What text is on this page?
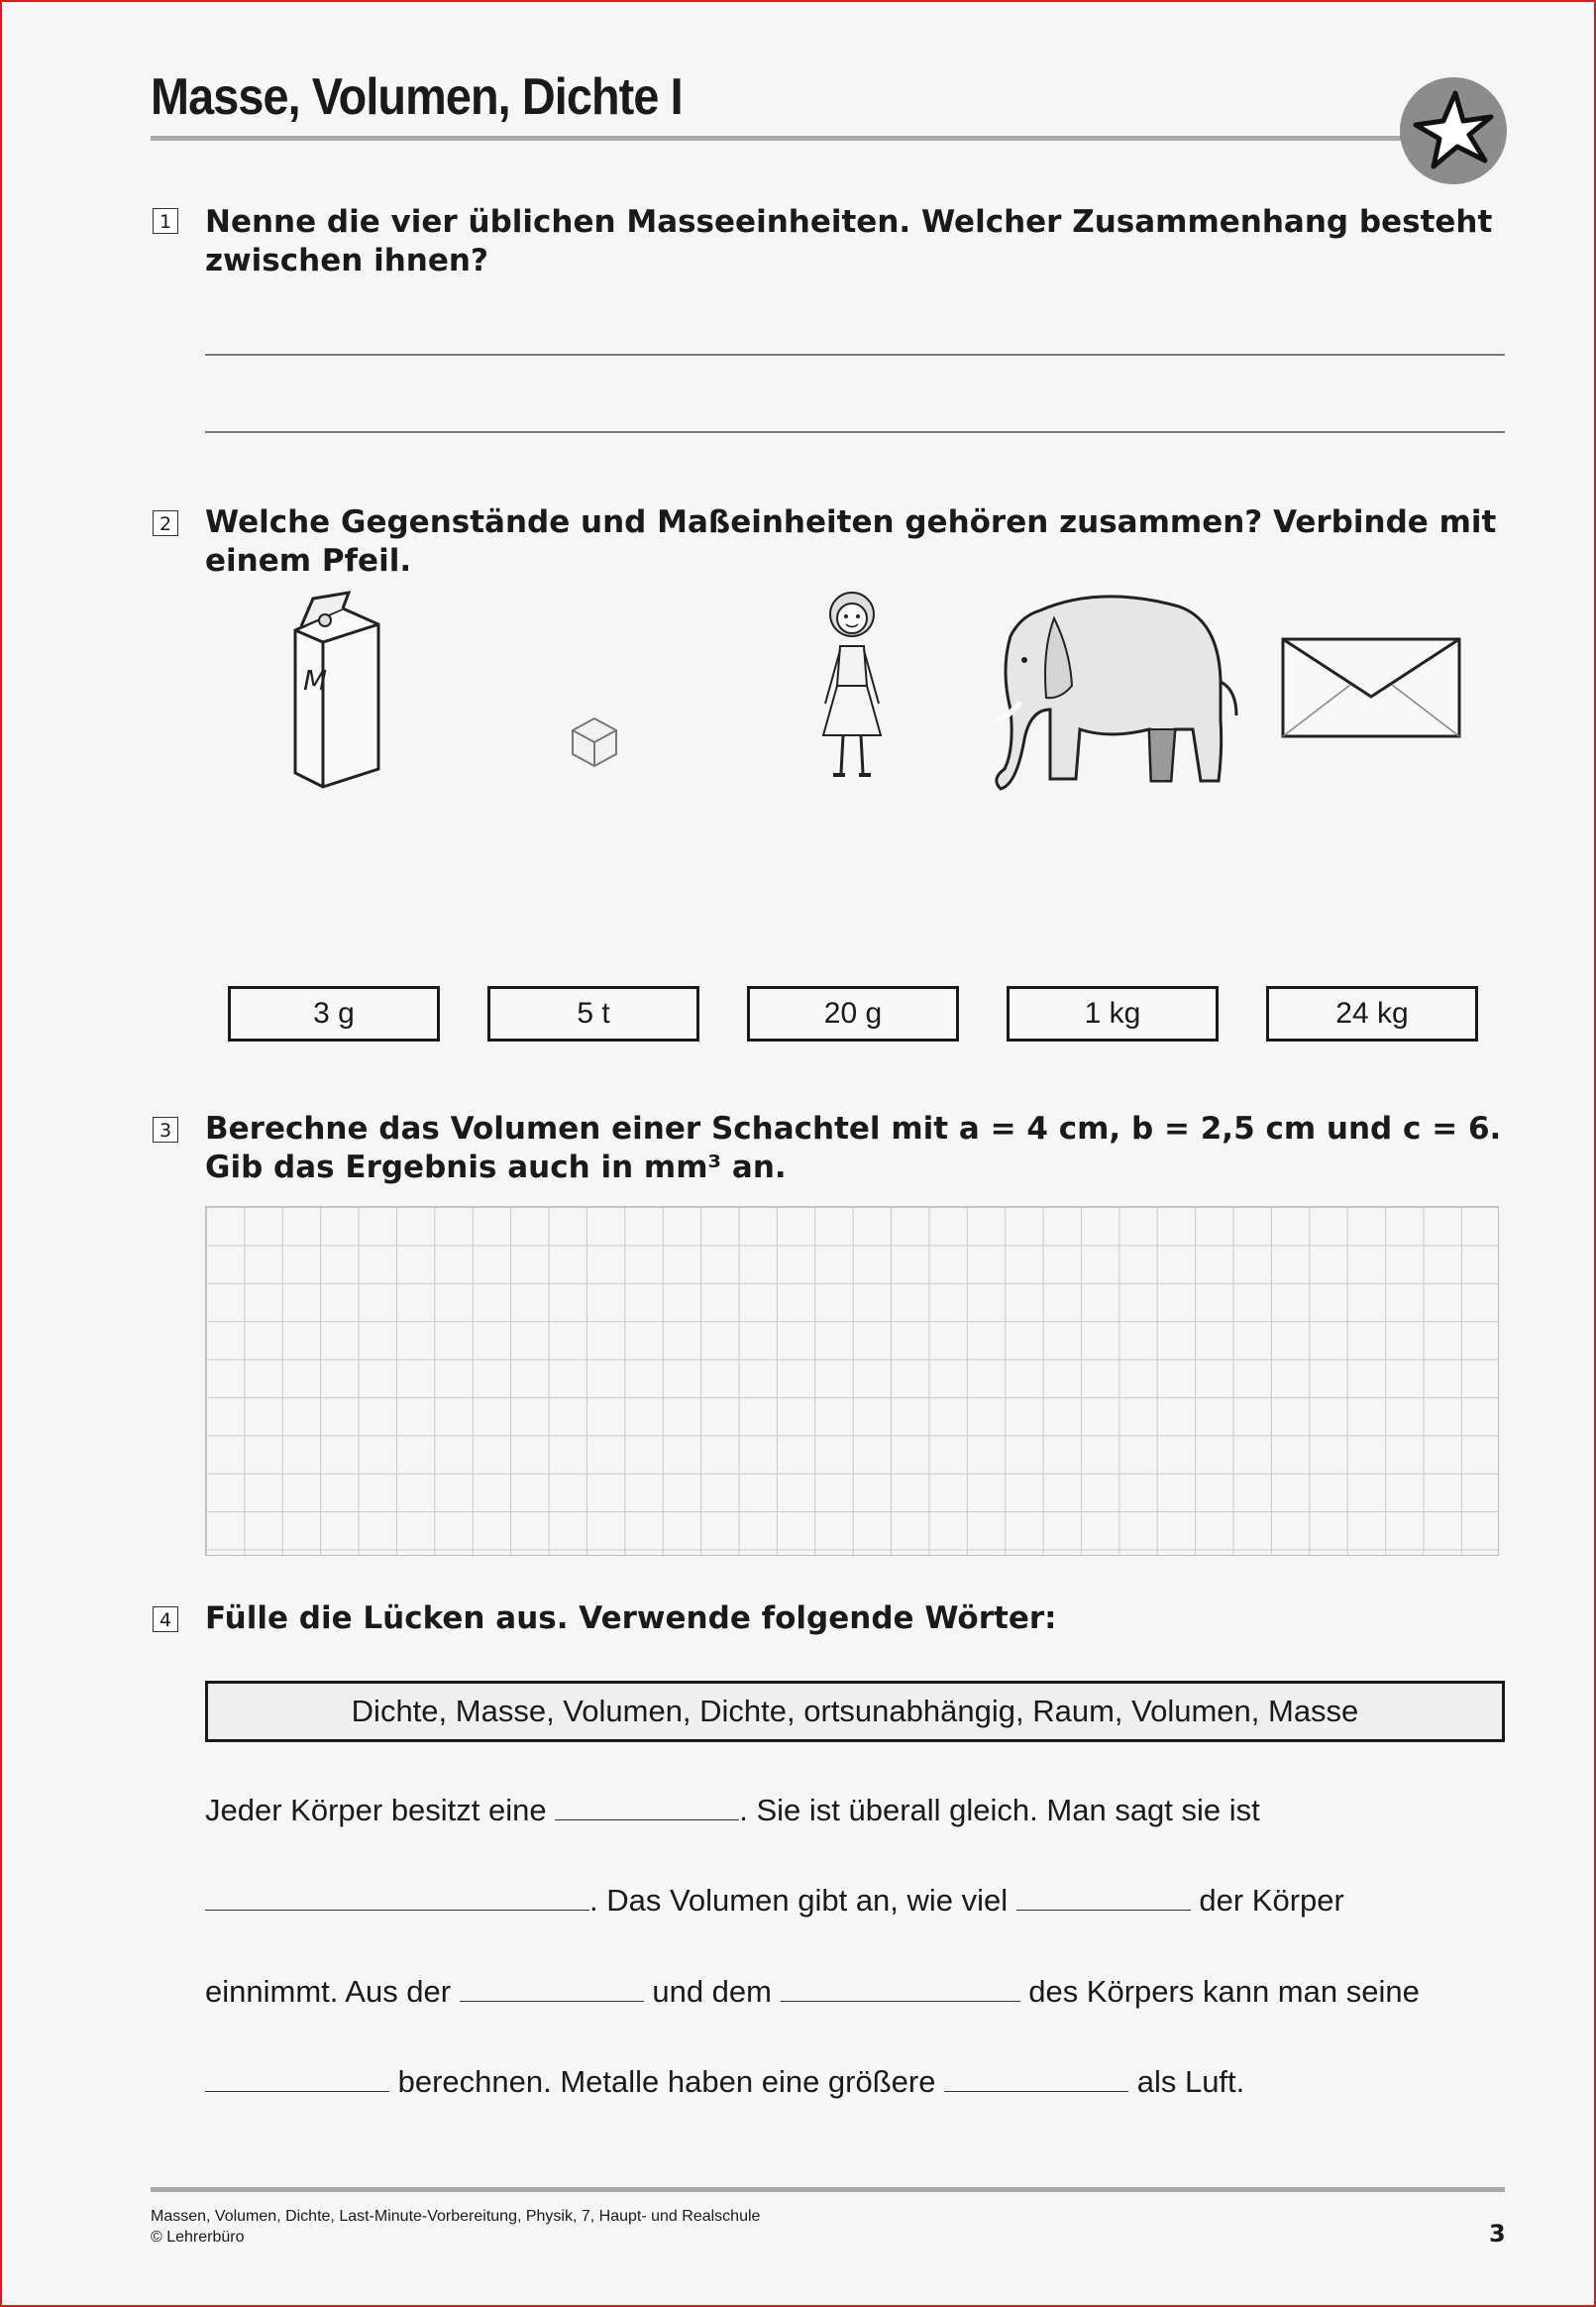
Masse, Volumen, Dichte I
1 Nenne die vier üblichen Masseeinheiten. Welcher Zusammenhang besteht zwischen ihnen?
2 Welche Gegenstände und Maßeinheiten gehören zusammen? Verbinde mit einem Pfeil.
M
3 g	5 t	20 g	1 kg	24 kg
3 Berechne das Volumen einer Schachtel mit a = 4 cm, b = 2,5 cm und c = 6. Gib das Ergebnis auch in mm³ an.
4 Fülle die Lücken aus. Verwende folgende Wörter:
Dichte, Masse, Volumen, Dichte, ortsunabhängig, Raum, Volumen, Masse
Jeder Körper besitzt eine	. Sie ist überall gleich. Man sagt sie ist
. Das Volumen gibt an, wie viel	der Körper
einnimmt. Aus der	und dem	des Körpers kann man seine
berechnen. Metalle haben eine größere	als Luft.
Massen, Volumen, Dichte, Last-Minute-Vorbereitung, Physik, 7, Haupt- und Realschule
© Lehrerbüro	3
